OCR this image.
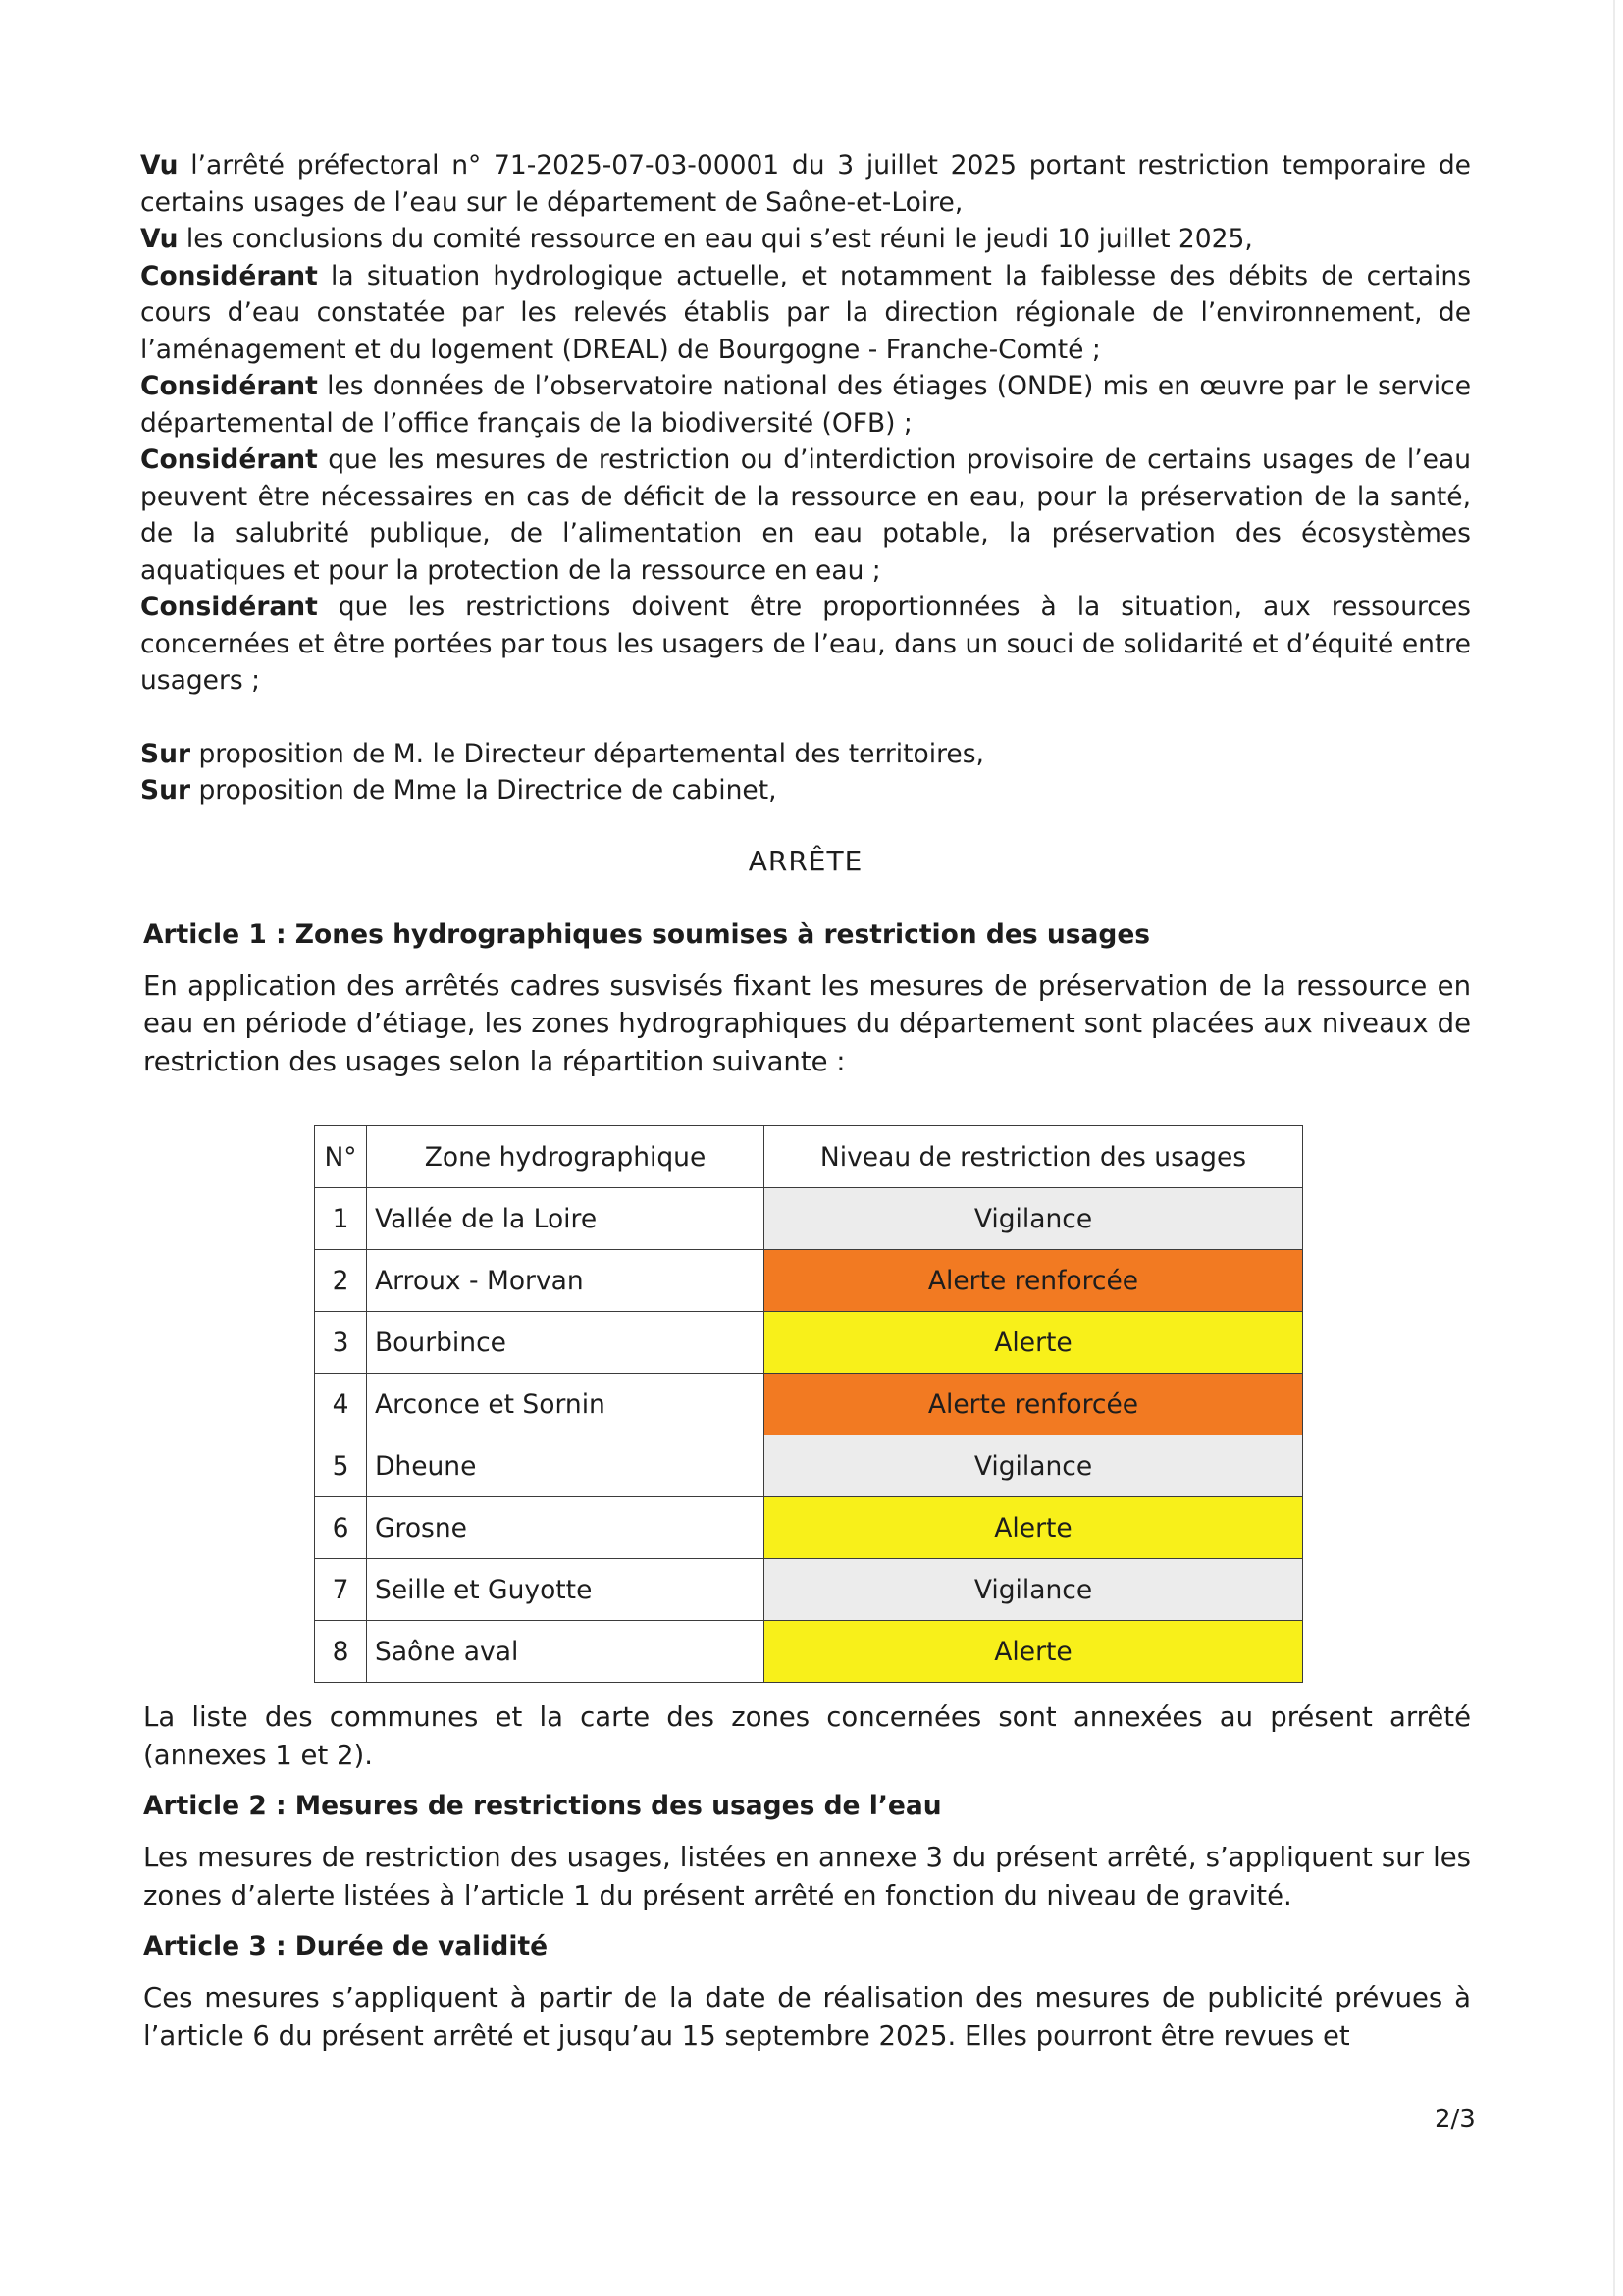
Vu l’arrêté préfectoral n° 71-2025-07-03-00001 du 3 juillet 2025 portant restriction temporaire de certains usages de l’eau sur le département de Saône-et-Loire,

Vu les conclusions du comité ressource en eau qui s’est réuni le jeudi 10 juillet 2025,

Considérant la situation hydrologique actuelle, et notamment la faiblesse des débits de certains cours d’eau constatée par les relevés établis par la direction régionale de l’environnement, de l’aménagement et du logement (DREAL) de Bourgogne - Franche-Comté ;

Considérant les données de l’observatoire national des étiages (ONDE) mis en œuvre par le service départemental de l’office français de la biodiversité (OFB) ;

Considérant que les mesures de restriction ou d’interdiction provisoire de certains usages de l’eau peuvent être nécessaires en cas de déficit de la ressource en eau, pour la préservation de la santé, de la salubrité publique, de l’alimentation en eau potable, la préservation des écosystèmes aquatiques et pour la protection de la ressource en eau ;

Considérant que les restrictions doivent être proportionnées à la situation, aux ressources concernées et être portées par tous les usagers de l’eau, dans un souci de solidarité et d’équité entre usagers ;

Sur proposition de M. le Directeur départemental des territoires,

Sur proposition de Mme la Directrice de cabinet,

ARRÊTE
Article 1 : Zones hydrographiques soumises à restriction des usages

En application des arrêtés cadres susvisés fixant les mesures de préservation de la ressource en eau en période d’étiage, les zones hydrographiques du département sont placées aux niveaux de restriction des usages selon la répartition suivante :

N°	Zone hydrographique	Niveau de restriction des usages
1	Vallée de la Loire	Vigilance
2	Arroux - Morvan	Alerte renforcée
3	Bourbince	Alerte
4	Arconce et Sornin	Alerte renforcée
5	Dheune	Vigilance
6	Grosne	Alerte
7	Seille et Guyotte	Vigilance
8	Saône aval	Alerte

La liste des communes et la carte des zones concernées sont annexées au présent arrêté (annexes 1 et 2).

Article 2 : Mesures de restrictions des usages de l’eau

Les mesures de restriction des usages, listées en annexe 3 du présent arrêté, s’appliquent sur les zones d’alerte listées à l’article 1 du présent arrêté en fonction du niveau de gravité.

Article 3 : Durée de validité

Ces mesures s’appliquent à partir de la date de réalisation des mesures de publicité prévues à l’article 6 du présent arrêté et jusqu’au 15 septembre 2025. Elles pourront être revues et

2/3
